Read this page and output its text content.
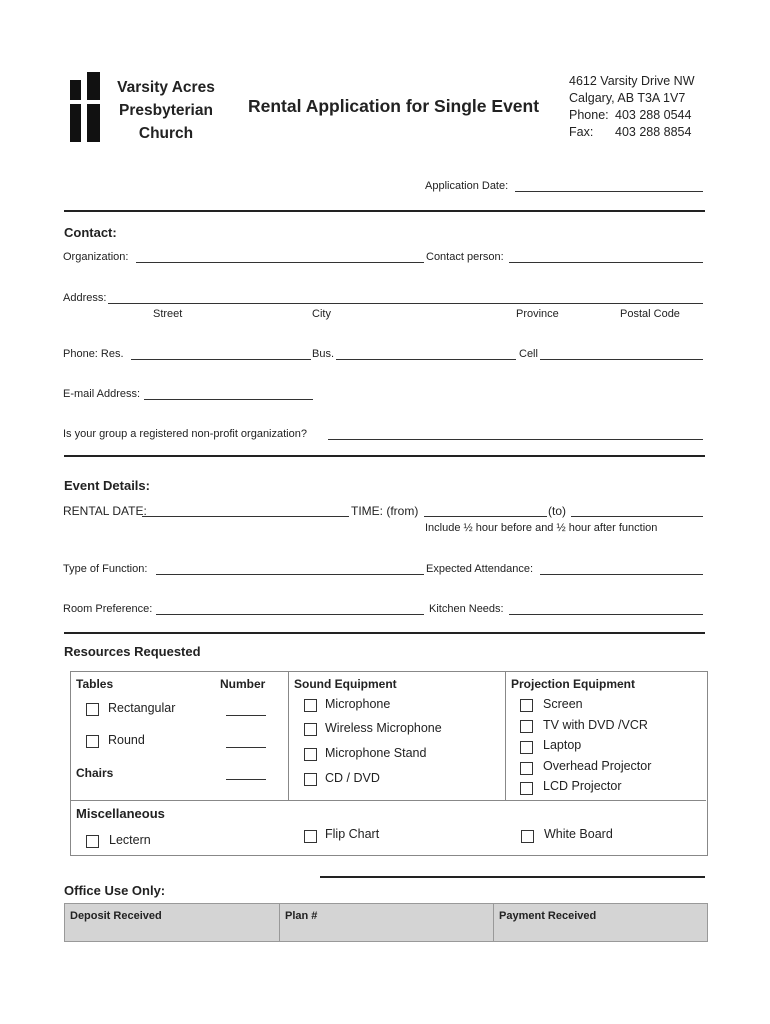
Varsity Acres
Presbyterian
Church
Rental Application for Single Event
4612 Varsity Drive NW
Calgary, AB T3A 1V7
Phone: 403 288 0544
Fax: 403 288 8854
Application Date:
Contact:
Organization:	Contact person:
Address:
Street	City	Province	Postal Code
Phone: Res.	Bus.	Cell
E-mail Address:
Is your group a registered non-profit organization?
Event Details:
RENTAL DATE:	TIME: (from)	(to)
Include ½ hour before and ½ hour after function
Type of Function:	Expected Attendance:
Room Preference:	Kitchen Needs:
Resources Requested
Tables	Number Sound Equipment	Projection Equipment
Rectangular
Round
Chairs
Microphone
Wireless Microphone
Microphone Stand
CD / DVD
Screen
TV with DVD /VCR
Laptop
Overhead Projector
LCD Projector
Miscellaneous
Lectern	Flip Chart	White Board
Office Use Only:
Deposit Received	Plan #	Payment Received
